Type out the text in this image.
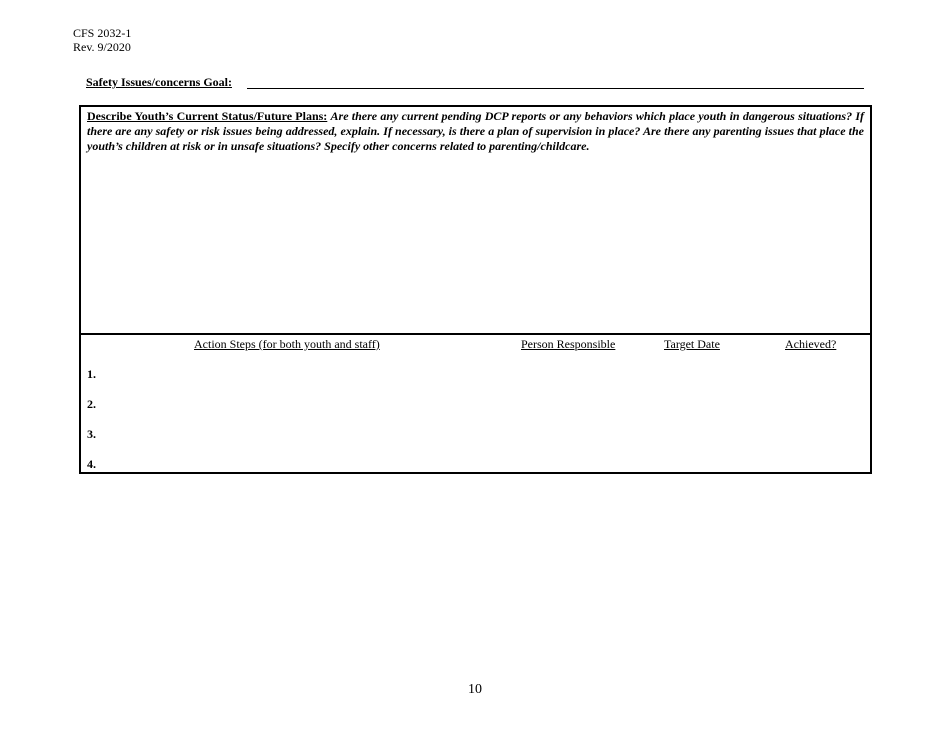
CFS 2032-1
Rev. 9/2020
Safety Issues/concerns Goal:
Describe Youth’s Current Status/Future Plans: Are there any current pending DCP reports or any behaviors which place youth in dangerous situations? If there are any safety or risk issues being addressed, explain. If necessary, is there a plan of supervision in place? Are there any parenting issues that place the youth’s children at risk or in unsafe situations? Specify other concerns related to parenting/childcare.
Action Steps (for both youth and staff)	Person Responsible	Target Date	Achieved?
1.
2.
3.
4.
10
